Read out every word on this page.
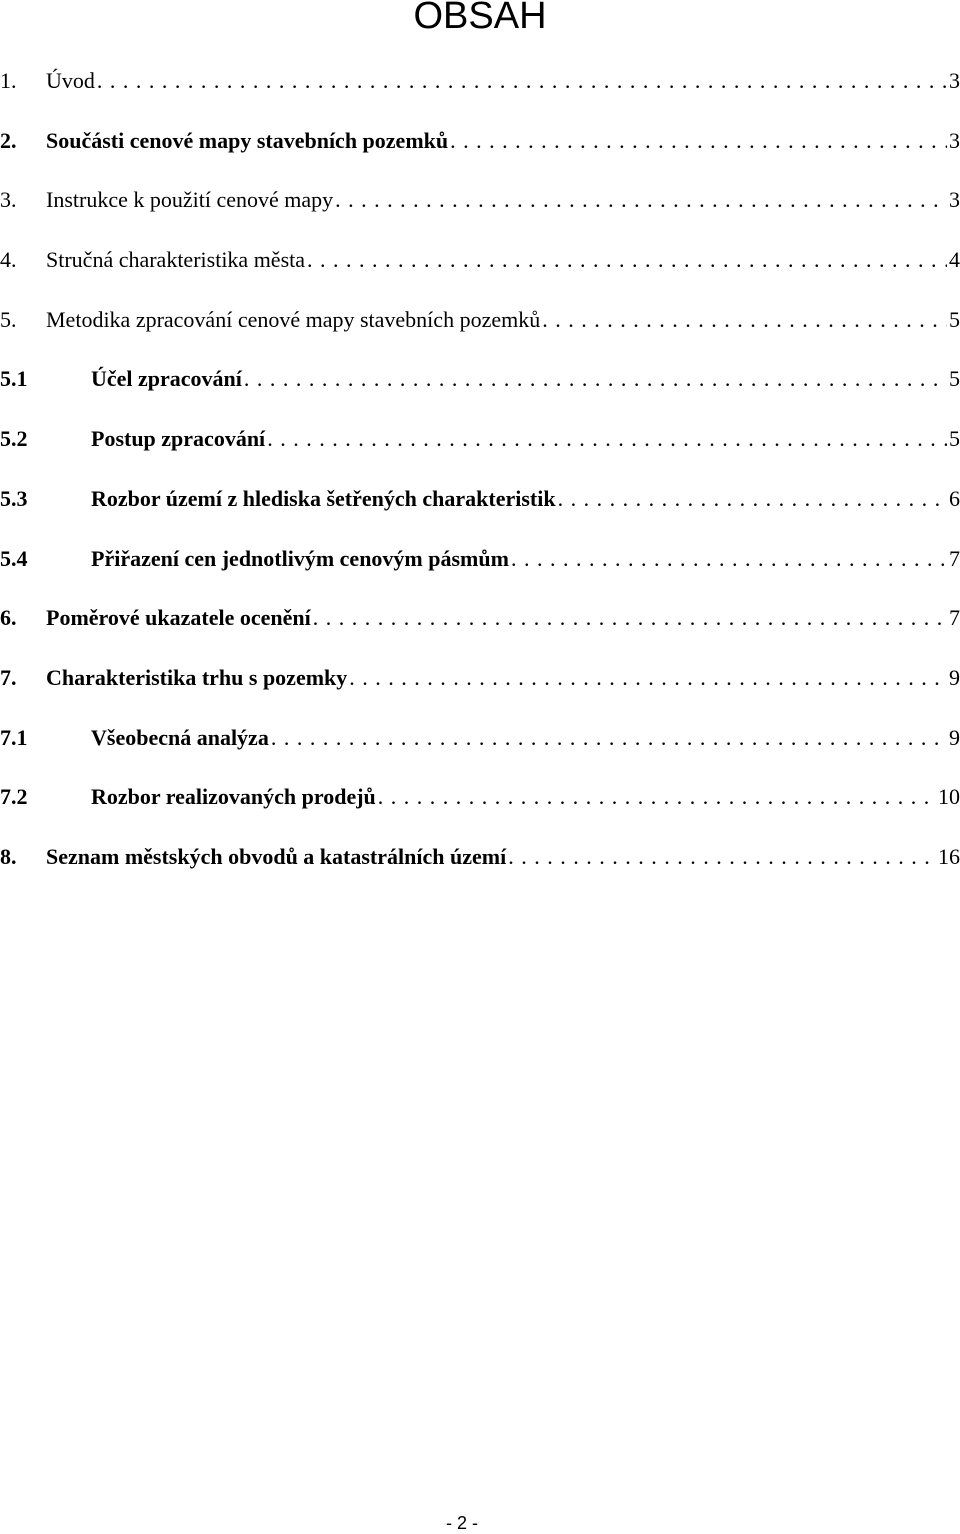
OBSAH
1. Úvod . . .	3
2. Součásti cenové mapy stavebních pozemků . . .	3
3. Instrukce k použití cenové mapy . . .	3
4. Stručná charakteristika města . . .	4
5. Metodika zpracování cenové mapy stavebních pozemků . . .	5
5.1	Účel zpracování . . .	5
5.2	Postup zpracování . . .	5
5.3	Rozbor území z hlediska šetřených charakteristik . . .	6
5.4	Přiřazení cen jednotlivým cenovým pásmům . . .	7
6. Poměrové ukazatele ocenění . . .	7
7. Charakteristika trhu s pozemky . . .	9
7.1	Všeobecná analýza . . .	9
7.2	Rozbor realizovaných prodejů . . .	10
8. Seznam městských obvodů a katastrálních území . . .	16
- 2 -
